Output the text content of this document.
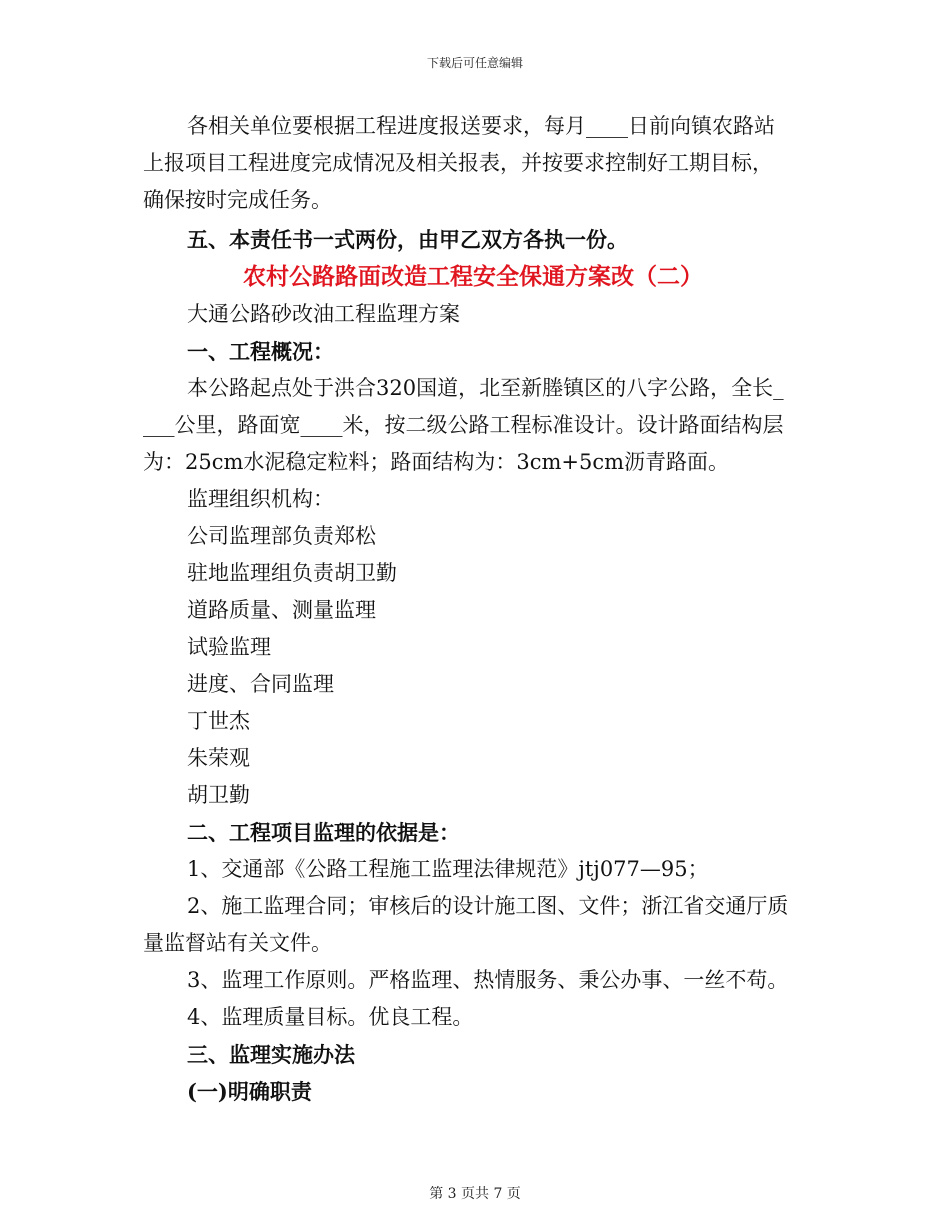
下载后可任意编辑

各相关单位要根据工程进度报送要求，每月____日前向镇农路站

上报项目工程进度完成情况及相关报表，并按要求控制好工期目标，

确保按时完成任务。

五、本责任书一式两份，由甲乙双方各执一份。

农村公路路面改造工程安全保通方案改（二）

大通公路砂改油工程监理方案

一、工程概况：

本公路起点处于洪合320国道，北至新塍镇区的八字公路，全长_

___公里，路面宽____米，按二级公路工程标准设计。设计路面结构层

为：25cm水泥稳定粒料；路面结构为：3cm+5cm沥青路面。

监理组织机构：

公司监理部负责郑松

驻地监理组负责胡卫勤

道路质量、测量监理

试验监理

进度、合同监理

丁世杰

朱荣观

胡卫勤

二、工程项目监理的依据是：

1、交通部《公路工程施工监理法律规范》jtj077—95；

2、施工监理合同；审核后的设计施工图、文件；浙江省交通厅质

量监督站有关文件。

3、监理工作原则。严格监理、热情服务、秉公办事、一丝不苟。

4、监理质量目标。优良工程。

三、监理实施办法

(一)明确职责

第 3 页共 7 页
